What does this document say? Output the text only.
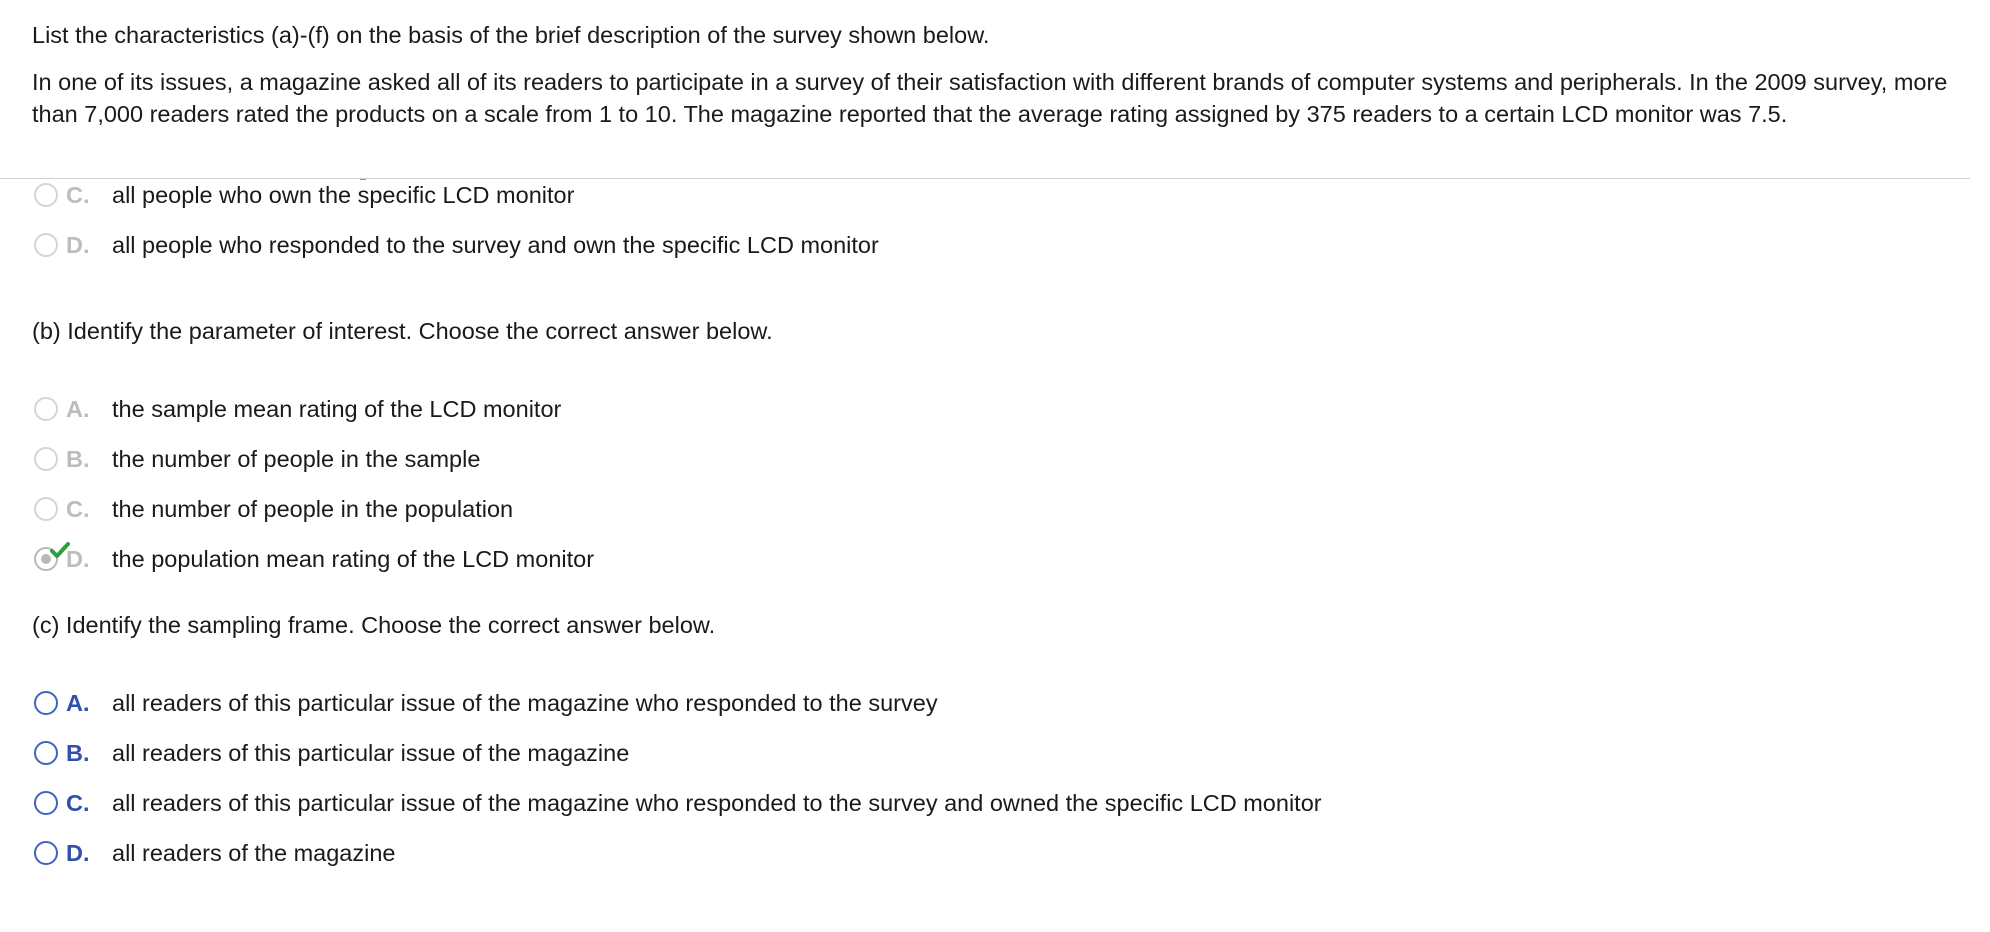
List the characteristics (a)-(f) on the basis of the brief description of the survey shown below.

In one of its issues, a magazine asked all of its readers to participate in a survey of their satisfaction with different brands of computer systems and peripherals. In the 2009 survey, more than 7,000 readers rated the products on a scale from 1 to 10. The magazine reported that the average rating assigned by 375 readers to a certain LCD monitor was 7.5.

C. all people who own the specific LCD monitor
D. all people who responded to the survey and own the specific LCD monitor

(b) Identify the parameter of interest. Choose the correct answer below.

A. the sample mean rating of the LCD monitor
B. the number of people in the sample
C. the number of people in the population
D. the population mean rating of the LCD monitor

(c) Identify the sampling frame. Choose the correct answer below.

A. all readers of this particular issue of the magazine who responded to the survey
B. all readers of this particular issue of the magazine
C. all readers of this particular issue of the magazine who responded to the survey and owned the specific LCD monitor
D. all readers of the magazine
